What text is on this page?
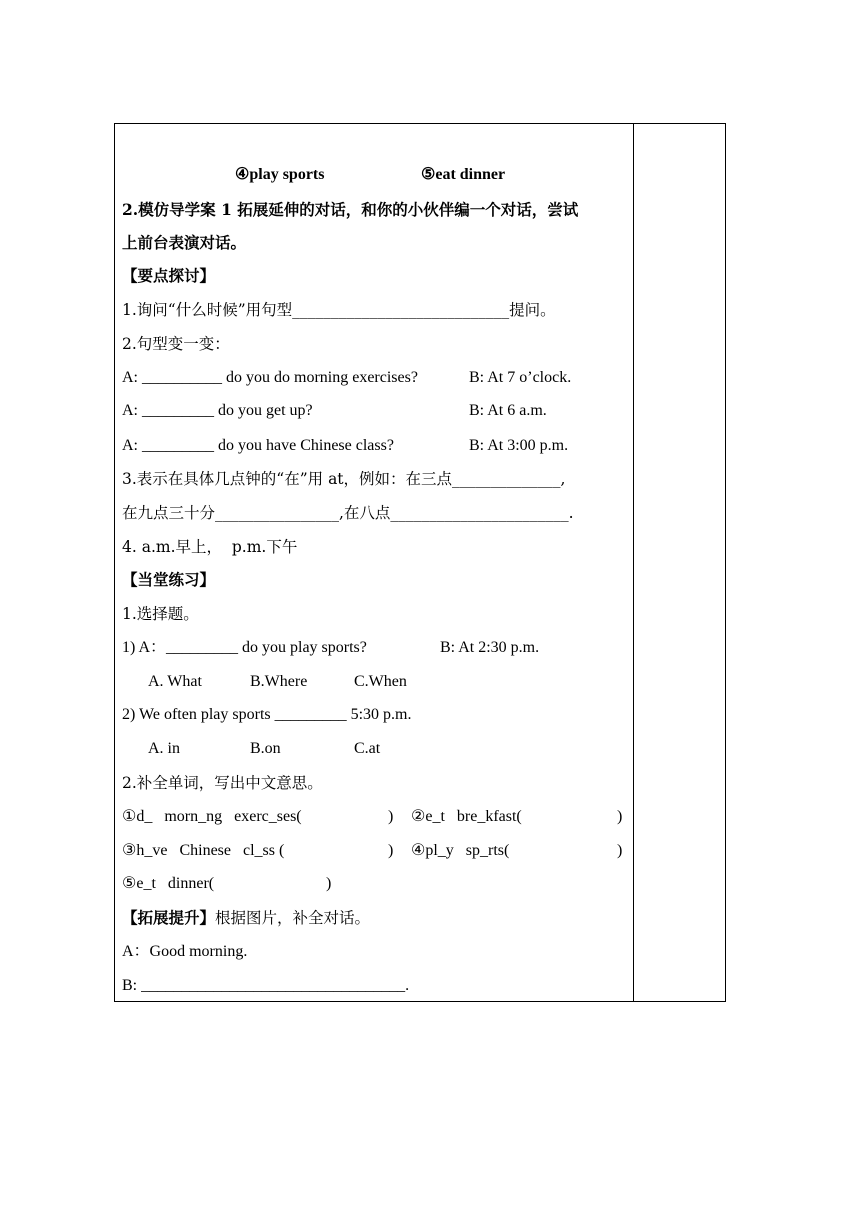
④play sports	⑤eat dinner
2.模仿导学案 1 拓展延伸的对话，和你的小伙伴编一个对话，尝试
上前台表演对话。
【要点探讨】
1.询问“什么时候”用句型____________________________提问。
2.句型变一变：
A: __________ do you do morning exercises?	B: At 7 o’clock.
A: _________ do you get up?	B: At 6 a.m.
A: _________ do you have Chinese class?	B: At 3:00 p.m.
3.表示在具体几点钟的“在”用 at，例如：在三点______________,
在九点三十分________________,在八点_______________________.
4. a.m.早上，  p.m.下午
【当堂练习】
1.选择题。
1) A：_________ do you play sports?	B: At 2:30 p.m.
A. What	B.Where	C.When
2) We often play sports _________ 5:30 p.m.
A. in	B.on	C.at
2.补全单词，写出中文意思。
①d_   morn_ng   exerc_ses(	) ②e_t   bre_kfast(	)
③h_ve   Chinese   cl_ss (	) ④pl_y   sp_rts(	)
⑤e_t   dinner(	)
【拓展提升】根据图片，补全对话。
A：Good morning.
B: _________________________________.
